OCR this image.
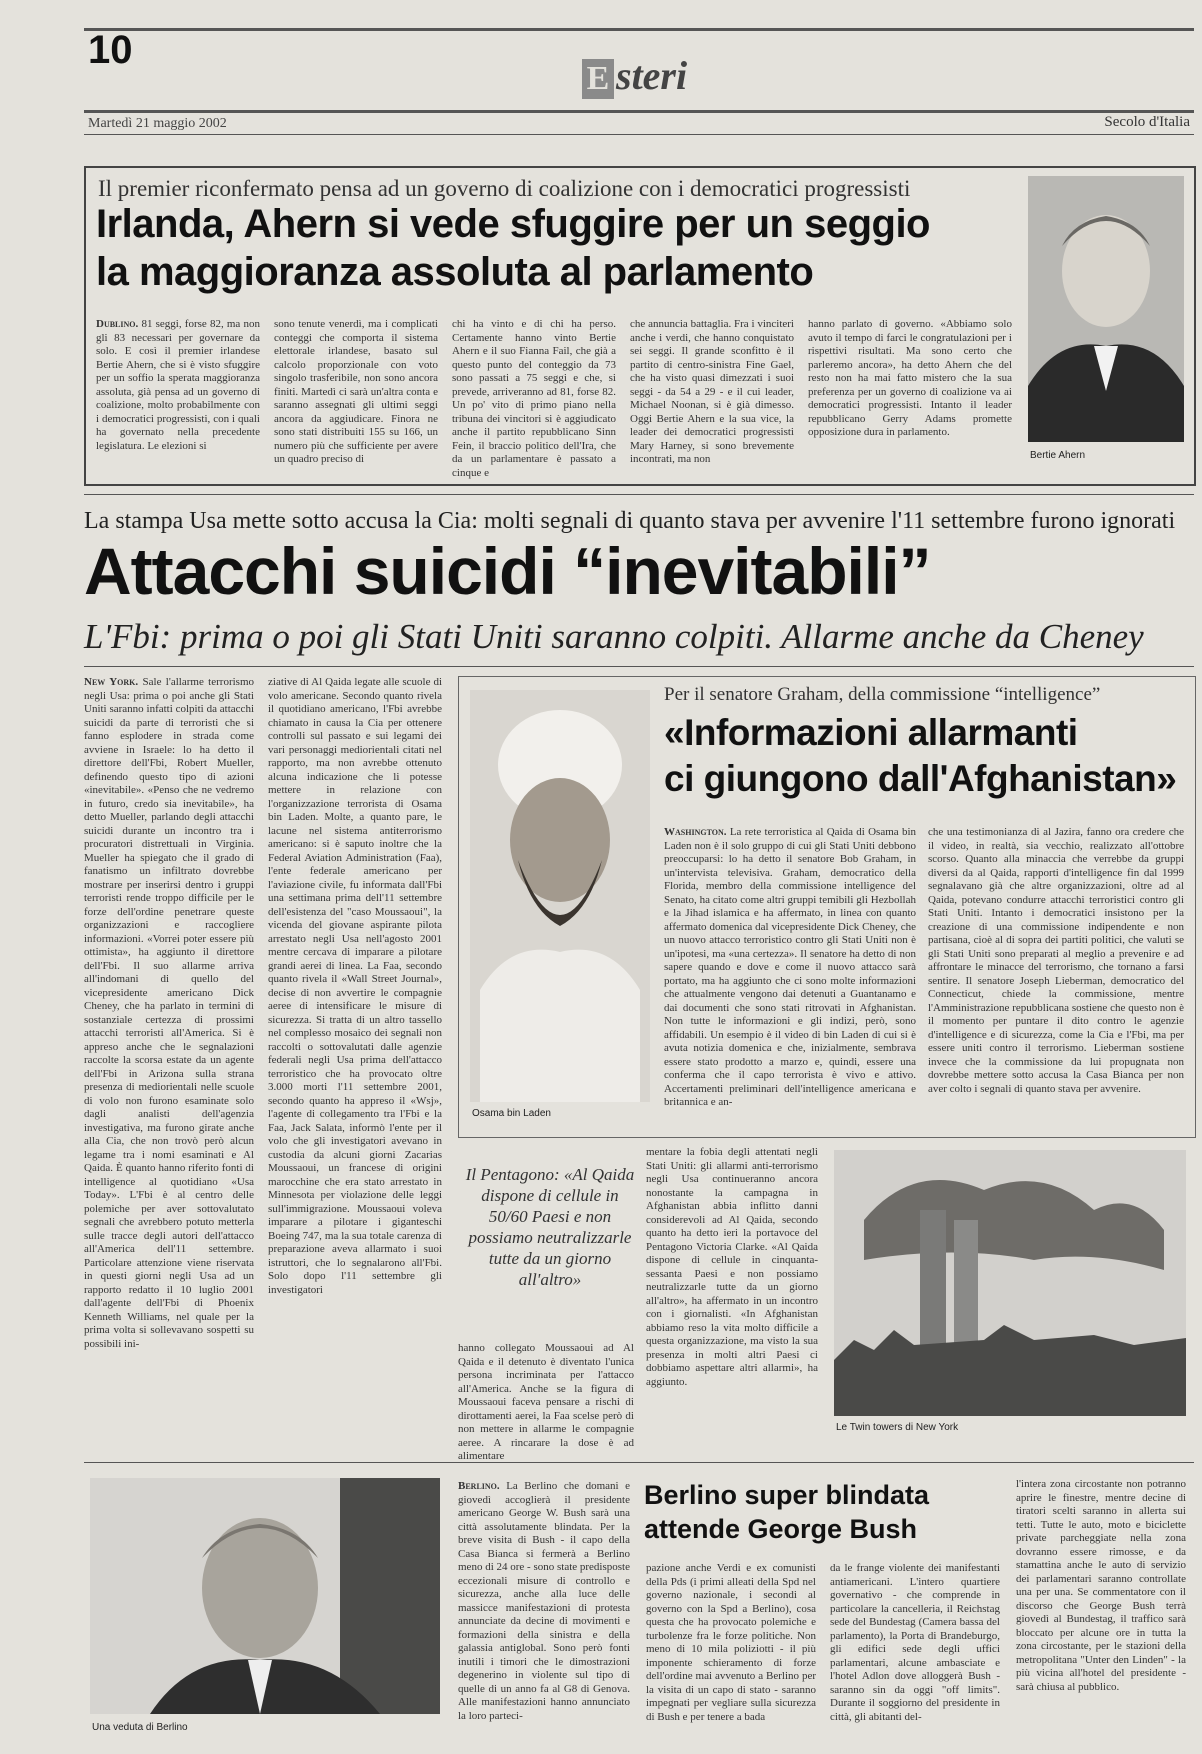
10
E steri
Martedì 21 maggio 2002	Secolo d'Italia
Il premier riconfermato pensa ad un governo di coalizione con i democratici progressisti
Irlanda, Ahern si vede sfuggire per un seggio
la maggioranza assoluta al parlamento
Dublino. 81 seggi, forse 82, ma non gli 83 necessari per governare da solo. E così il premier irlandese Bertie Ahern, che si è visto sfuggire per un soffio la sperata maggioranza assoluta, già pensa ad un governo di coalizione, molto probabilmente con i democratici progressisti, con i quali ha governato nella precedente legislatura. Le elezioni si
sono tenute venerdì, ma i complicati conteggi che comporta il sistema elettorale irlandese, basato sul calcolo proporzionale con voto singolo trasferibile, non sono ancora finiti. Martedì ci sarà un'altra conta e saranno assegnati gli ultimi seggi ancora da aggiudicare. Finora ne sono stati distribuiti 155 su 166, un numero più che sufficiente per avere un quadro preciso di
chi ha vinto e di chi ha perso. Certamente hanno vinto Bertie Ahern e il suo Fianna Fail, che già a questo punto del conteggio da 73 sono passati a 75 seggi e che, si prevede, arriveranno ad 81, forse 82. Un po' vito di primo piano nella tribuna dei vincitori si è aggiudicato anche il partito repubblicano Sinn Fein, il braccio politico dell'Ira, che da un parlamentare è passato a cinque e
che annuncia battaglia. Fra i vinciteri anche i verdi, che hanno conquistato sei seggi. Il grande sconfitto è il partito di centro-sinistra Fine Gael, che ha visto quasi dimezzati i suoi seggi - da 54 a 29 - e il cui leader, Michael Noonan, si è già dimesso. Oggi Bertie Ahern e la sua vice, la leader dei democratici progressisti Mary Harney, si sono brevemente incontrati, ma non
hanno parlato di governo. «Abbiamo solo avuto il tempo di farci le congratulazioni per i rispettivi risultati. Ma sono certo che parleremo ancora», ha detto Ahern che del resto non ha mai fatto mistero che la sua preferenza per un governo di coalizione va ai democratici progressisti. Intanto il leader repubblicano Gerry Adams promette opposizione dura in parlamento.
Bertie Ahern
La stampa Usa mette sotto accusa la Cia: molti segnali di quanto stava per avvenire l'11 settembre furono ignorati
Attacchi suicidi “inevitabili”
L'Fbi: prima o poi gli Stati Uniti saranno colpiti. Allarme anche da Cheney
New York. Sale l'allarme terrorismo negli Usa: prima o poi anche gli Stati Uniti saranno infatti colpiti da attacchi suicidi da parte di terroristi che si fanno esplodere in strada come avviene in Israele: lo ha detto il direttore dell'Fbi, Robert Mueller, definendo questo tipo di azioni «inevitabile». «Penso che ne vedremo in futuro, credo sia inevitabile», ha detto Mueller, parlando degli attacchi suicidi durante un incontro tra i procuratori distrettuali in Virginia. Mueller ha spiegato che il grado di fanatismo un infiltrato dovrebbe mostrare per inserirsi dentro i gruppi terroristi rende troppo difficile per le forze dell'ordine penetrare queste organizzazioni e raccogliere informazioni. «Vorrei poter essere più ottimista», ha aggiunto il direttore dell'Fbi. Il suo allarme arriva all'indomani di quello del vicepresidente americano Dick Cheney, che ha parlato in termini di sostanziale certezza di prossimi attacchi terroristi all'America. Si è appreso anche che le segnalazioni raccolte la scorsa estate da un agente dell'Fbi in Arizona sulla strana presenza di mediorientali nelle scuole di volo non furono esaminate solo dagli analisti dell'agenzia investigativa, ma furono girate anche alla Cia, che non trovò però alcun legame tra i nomi esaminati e Al Qaida. È quanto hanno riferito fonti di intelligence al quotidiano «Usa Today». L'Fbi è al centro delle polemiche per aver sottovalutato segnali che avrebbero potuto metterla sulle tracce degli autori dell'attacco all'America dell'11 settembre. Particolare attenzione viene riservata in questi giorni negli Usa ad un rapporto redatto il 10 luglio 2001 dall'agente dell'Fbi di Phoenix Kenneth Williams, nel quale per la prima volta si sollevavano sospetti su possibili ini-
ziative di Al Qaida legate alle scuole di volo americane. Secondo quanto rivela il quotidiano americano, l'Fbi avrebbe chiamato in causa la Cia per ottenere controlli sul passato e sui legami dei vari personaggi mediorientali citati nel rapporto, ma non avrebbe ottenuto alcuna indicazione che li potesse mettere in relazione con l'organizzazione terrorista di Osama bin Laden. Molte, a quanto pare, le lacune nel sistema antiterrorismo americano: si è saputo inoltre che la Federal Aviation Administration (Faa), l'ente federale americano per l'aviazione civile, fu informata dall'Fbi una settimana prima dell'11 settembre dell'esistenza del "caso Moussaoui", la vicenda del giovane aspirante pilota arrestato negli Usa nell'agosto 2001 mentre cercava di imparare a pilotare grandi aerei di linea. La Faa, secondo quanto rivela il «Wall Street Journal», decise di non avvertire le compagnie aeree di intensificare le misure di sicurezza. Si tratta di un altro tassello nel complesso mosaico dei segnali non raccolti o sottovalutati dalle agenzie federali negli Usa prima dell'attacco terroristico che ha provocato oltre 3.000 morti l'11 settembre 2001, secondo quanto ha appreso il «Wsj», l'agente di collegamento tra l'Fbi e la Faa, Jack Salata, informò l'ente per il volo che gli investigatori avevano in custodia da alcuni giorni Zacarias Moussaoui, un francese di origini marocchine che era stato arrestato in Minnesota per violazione delle leggi sull'immigrazione. Moussaoui voleva imparare a pilotare i giganteschi Boeing 747, ma la sua totale carenza di preparazione aveva allarmato i suoi istruttori, che lo segnalarono all'Fbi. Solo dopo l'11 settembre gli investigatori
Osama bin Laden
Per il senatore Graham, della commissione “intelligence”
«Informazioni allarmanti
ci giungono dall'Afghanistan»
Washington. La rete terroristica al Qaida di Osama bin Laden non è il solo gruppo di cui gli Stati Uniti debbono preoccuparsi: lo ha detto il senatore Bob Graham, in un'intervista televisiva. Graham, democratico della Florida, membro della commissione intelligence del Senato, ha citato come altri gruppi temibili gli Hezbollah e la Jihad islamica e ha affermato, in linea con quanto affermato domenica dal vicepresidente Dick Cheney, che un nuovo attacco terroristico contro gli Stati Uniti non è un'ipotesi, ma «una certezza». Il senatore ha detto di non sapere quando e dove e come il nuovo attacco sarà portato, ma ha aggiunto che ci sono molte informazioni che attualmente vengono dai detenuti a Guantanamo e dai documenti che sono stati ritrovati in Afghanistan. Non tutte le informazioni e gli indizi, però, sono affidabili. Un esempio è il video di bin Laden di cui si è avuta notizia domenica e che, inizialmente, sembrava essere stato prodotto a marzo e, quindi, essere una conferma che il capo terrorista è vivo e attivo. Accertamenti preliminari dell'intelligence americana e britannica e an-
che una testimonianza di al Jazira, fanno ora credere che il video, in realtà, sia vecchio, realizzato all'ottobre scorso. Quanto alla minaccia che verrebbe da gruppi diversi da al Qaida, rapporti d'intelligence fin dal 1999 segnalavano già che altre organizzazioni, oltre ad al Qaida, potevano condurre attacchi terroristici contro gli Stati Uniti. Intanto i democratici insistono per la creazione di una commissione indipendente e non partisana, cioè al di sopra dei partiti politici, che valuti se gli Stati Uniti sono preparati al meglio a prevenire e ad affrontare le minacce del terrorismo, che tornano a farsi sentire. Il senatore Joseph Lieberman, democratico del Connecticut, chiede la commissione, mentre l'Amministrazione repubblicana sostiene che questo non è il momento per puntare il dito contro le agenzie d'intelligence e di sicurezza, come la Cia e l'Fbi, ma per essere uniti contro il terrorismo. Lieberman sostiene invece che la commissione da lui propugnata non dovrebbe mettere sotto accusa la Casa Bianca per non aver colto i segnali di quanto stava per avvenire.
Il Pentagono: «Al Qaida dispone di cellule in 50/60 Paesi e non possiamo neutralizzarle tutte da un giorno all'altro»
hanno collegato Moussaoui ad Al Qaida e il detenuto è diventato l'unica persona incriminata per l'attacco all'America. Anche se la figura di Moussaoui faceva pensare a rischi di dirottamenti aerei, la Faa scelse però di non mettere in allarme le compagnie aeree. A rincarare la dose è ad alimentare
mentare la fobia degli attentati negli Stati Uniti: gli allarmi anti-terrorismo negli Usa continueranno ancora nonostante la campagna in Afghanistan abbia inflitto danni considerevoli ad Al Qaida, secondo quanto ha detto ieri la portavoce del Pentagono Victoria Clarke. «Al Qaida dispone di cellule in cinquanta-sessanta Paesi e non possiamo neutralizzarle tutte da un giorno all'altro», ha affermato in un incontro con i giornalisti. «In Afghanistan abbiamo reso la vita molto difficile a questa organizzazione, ma visto la sua presenza in molti altri Paesi ci dobbiamo aspettare altri allarmi», ha aggiunto.
Le Twin towers di New York
Una veduta di Berlino
Berlino. La Berlino che domani e giovedì accoglierà il presidente americano George W. Bush sarà una città assolutamente blindata. Per la breve visita di Bush - il capo della Casa Bianca si fermerà a Berlino meno di 24 ore - sono state predisposte eccezionali misure di controllo e sicurezza, anche alla luce delle massicce manifestazioni di protesta annunciate da decine di movimenti e formazioni della sinistra e della galassia antiglobal. Sono però fonti inutili i timori che le dimostrazioni degenerino in violente sul tipo di quelle di un anno fa al G8 di Genova. Alle manifestazioni hanno annunciato la loro parteci-
Berlino super blindata
attende George Bush
pazione anche Verdi e ex comunisti della Pds (i primi alleati della Spd nel governo nazionale, i secondi al governo con la Spd a Berlino), cosa questa che ha provocato polemiche e turbolenze fra le forze politiche. Non meno di 10 mila poliziotti - il più imponente schieramento di forze dell'ordine mai avvenuto a Berlino per la visita di un capo di stato - saranno impegnati per vegliare sulla sicurezza di Bush e per tenere a bada
da le frange violente dei manifestanti antiamericani. L'intero quartiere governativo - che comprende in particolare la cancelleria, il Reichstag sede del Bundestag (Camera bassa del parlamento), la Porta di Brandeburgo, gli edifici sede degli uffici parlamentari, alcune ambasciate e l'hotel Adlon dove alloggerà Bush - saranno sin da oggi "off limits". Durante il soggiorno del presidente in città, gli abitanti del-
l'intera zona circostante non potranno aprire le finestre, mentre decine di tiratori scelti saranno in allerta sui tetti. Tutte le auto, moto e biciclette private parcheggiate nella zona dovranno essere rimosse, e da stamattina anche le auto di servizio dei parlamentari saranno controllate una per una. Se commentatore con il discorso che George Bush terrà giovedì al Bundestag, il traffico sarà bloccato per alcune ore in tutta la zona circostante, per le stazioni della metropolitana "Unter den Linden" - la più vicina all'hotel del presidente - sarà chiusa al pubblico.
